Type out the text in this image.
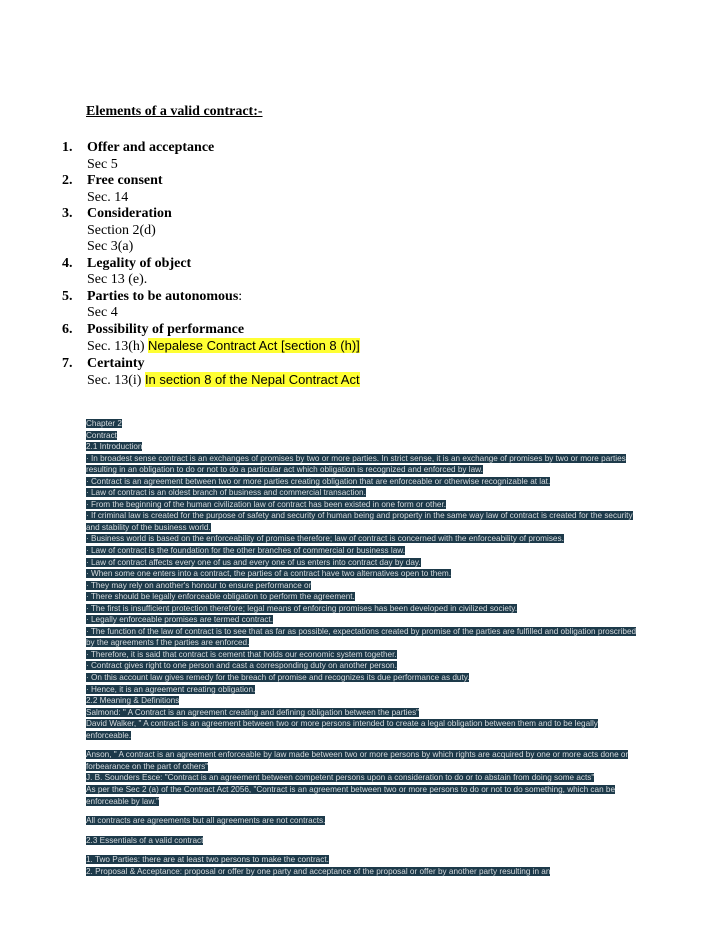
Elements of a valid contract:-
1. Offer and acceptance
Sec 5
2. Free consent
Sec. 14
3. Consideration
Section 2(d)
Sec 3(a)
4. Legality of object
Sec 13 (e).
5. Parties to be autonomous:
Sec 4
6. Possibility of performance
Sec. 13(h) Nepalese Contract Act [section 8 (h)]
7. Certainty
Sec. 13(i) In section 8 of the Nepal Contract Act

Chapter 2

Contract

2.1 Introduction

· In broadest sense contract is an exchanges of promises by two or more parties. In strict sense, it is an exchange of promises by two or more parties resulting in an obligation to do or not to do a particular act which obligation is recognized and enforced by law.

· Contract is an agreement between two or more parties creating obligation that are enforceable or otherwise recognizable at lat.

· Law of contract is an oldest branch of business and commercial transaction.

· From the beginning of the human civilization law of contract has been existed in one form or other.

· If criminal law is created for the purpose of safety and security of human being and property in the same way law of contract is created for the security and stability of the business world.

· Business world is based on the enforceability of promise therefore; law of contract is concerned with the enforceability of promises.

· Law of contract is the foundation for the other branches of commercial or business law.

· Law of contract affects every one of us and every one of us enters into contract day by day.

· When some one enters into a contract, the parties of a contract have two alternatives open to them.

· They may rely on another's honour to ensure performance or

· There should be legally enforceable obligation to perform the agreement.

· The first is insufficient protection therefore; legal means of enforcing promises has been developed in civilized society.

· Legally enforceable promises are termed contract.

· The function of the law of contract is to see that as far as possible, expectations created by promise of the parties are fulfilled and obligation proscribed by the agreements f the parties are enforced.

· Therefore, it is said that contract is cement that holds our economic system together.

· Contract gives right to one person and cast a corresponding duty on another person.

· On this account law gives remedy for the breach of promise and recognizes its due performance as duty.

· Hence, it is an agreement creating obligation.

2.2 Meaning & Definitions

Salmond: " A Contract is an agreement creating and defining obligation between the parties"

David Walker, " A contract is an agreement between two or more persons intended to create a legal obligation between them and to be legally enforceable.

Anson, " A contract is an agreement enforceable by law made between two or more persons by which rights are acquired by one or more acts done or forbearance on the part of others"

J. B. Sounders Esce: "Contract is an agreement between competent persons upon a consideration to do or to abstain from doing some acts"

As per the Sec 2 (a) of the Contract Act 2056, "Contract is an agreement between two or more persons to do or not to do something, which can be enforceable by law."

All contracts are agreements but all agreements are not contracts.

2.3 Essentials of a valid contract

1. Two Parties: there are at least two persons to make the contract.

2. Proposal & Acceptance: proposal or offer by one party and acceptance of the proposal or offer by another party resulting in an
